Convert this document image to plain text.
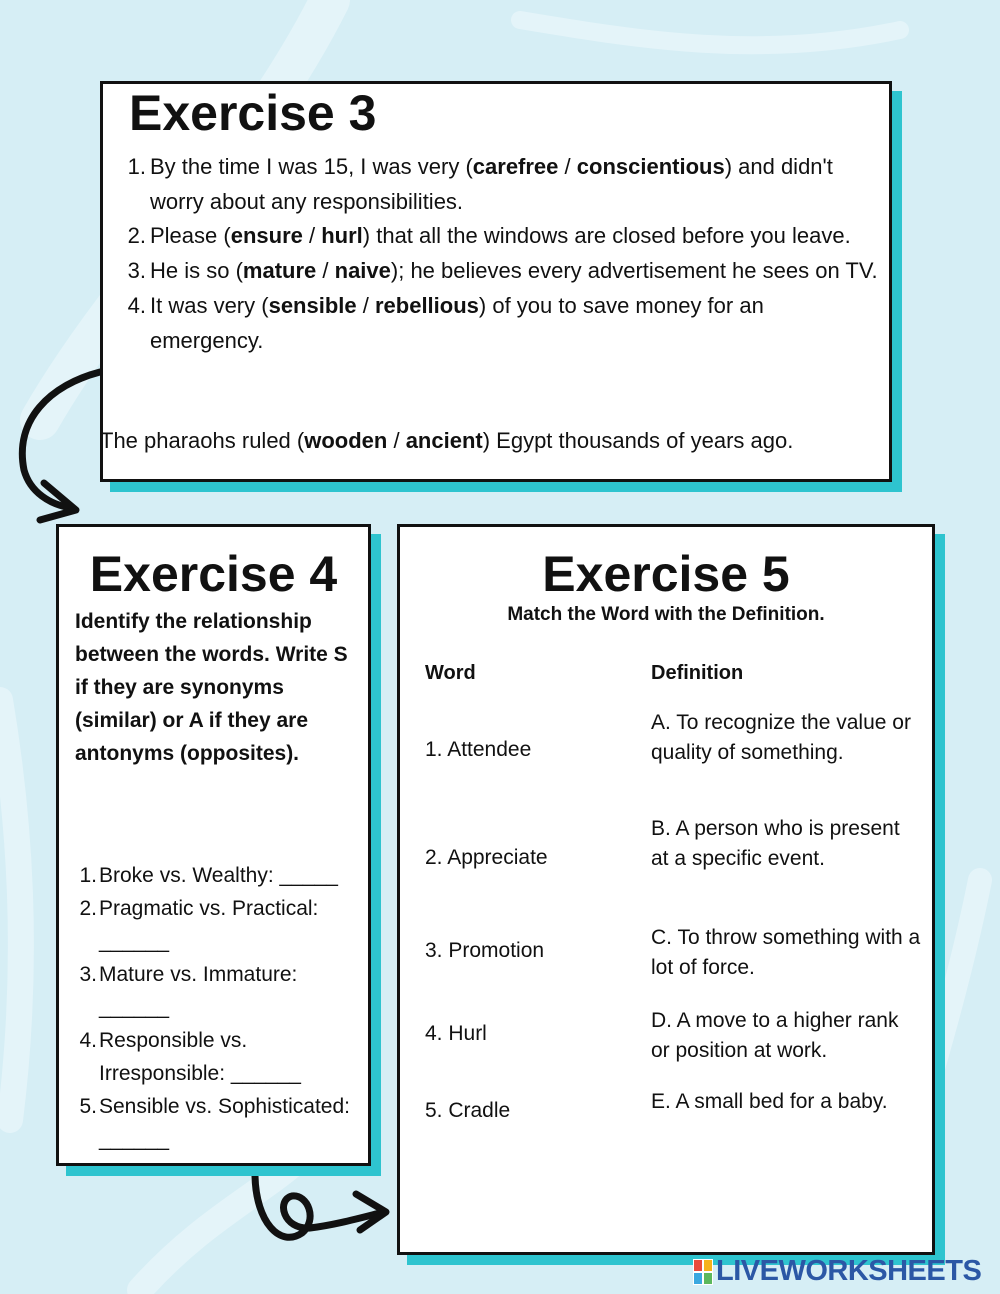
Exercise 3
1. By the time I was 15, I was very (carefree / conscientious) and didn't worry about any responsibilities.
2. Please (ensure / hurl) that all the windows are closed before you leave.
3. He is so (mature / naive); he believes every advertisement he sees on TV.
4. It was very (sensible / rebellious) of you to save money for an emergency.
The pharaohs ruled (wooden / ancient) Egypt thousands of years ago.
Exercise 4
Identify the relationship between the words. Write S if they are synonyms (similar) or A if they are antonyms (opposites).
1. Broke vs. Wealthy: _____
2. Pragmatic vs. Practical: ______
3. Mature vs. Immature: ______
4. Responsible vs. Irresponsible: ______
5. Sensible vs. Sophisticated: ______
Exercise 5
Match the Word with the Definition.
Word	Definition
1. Attendee
2. Appreciate
3. Promotion
4. Hurl
5. Cradle
A. To recognize the value or quality of something.
B. A person who is present at a specific event.
C. To throw something with a lot of force.
D. A move to a higher rank or position at work.
E. A small bed for a baby.
LIVEWORKSHEETS
